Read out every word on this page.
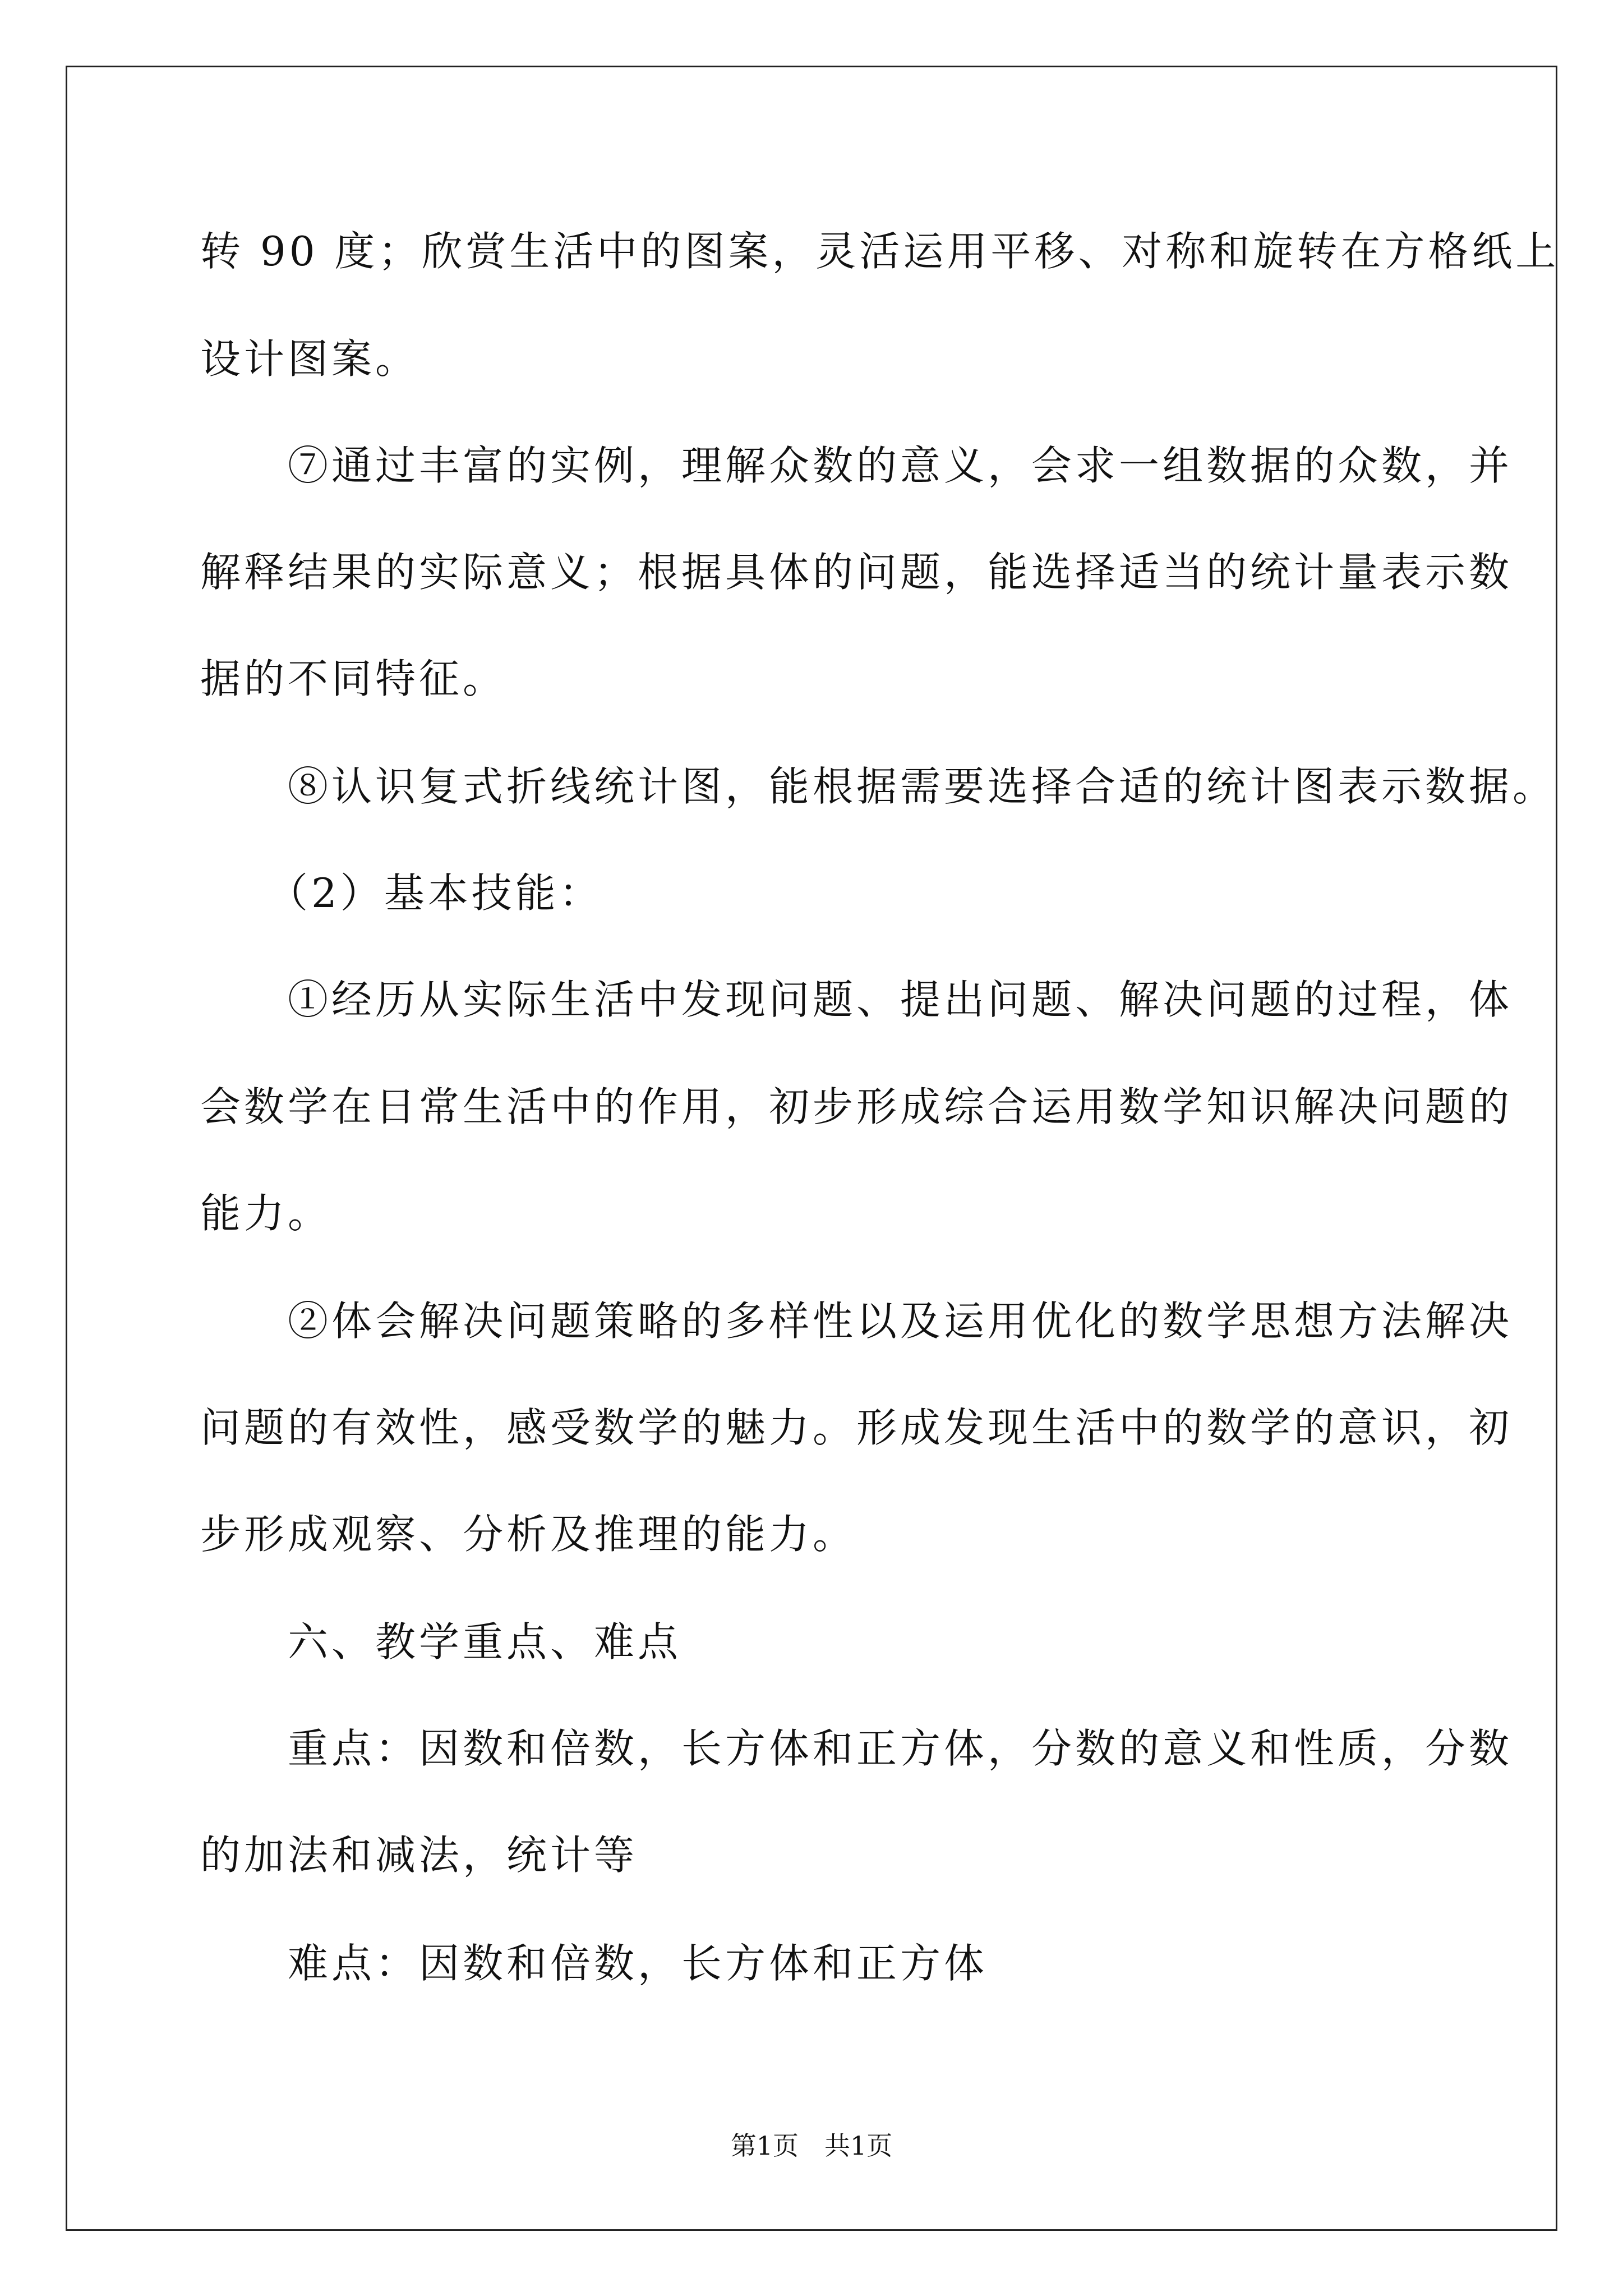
转 90 度；欣赏生活中的图案，灵活运用平移、对称和旋转在方格纸上
设计图案。
　　⑦通过丰富的实例，理解众数的意义，会求一组数据的众数，并
解释结果的实际意义；根据具体的问题，能选择适当的统计量表示数
据的不同特征。
　　⑧认识复式折线统计图，能根据需要选择合适的统计图表示数据。
　　（2）基本技能：
　　①经历从实际生活中发现问题、提出问题、解决问题的过程，体
会数学在日常生活中的作用，初步形成综合运用数学知识解决问题的
能力。
　　②体会解决问题策略的多样性以及运用优化的数学思想方法解决
问题的有效性，感受数学的魅力。形成发现生活中的数学的意识，初
步形成观察、分析及推理的能力。
　　六、教学重点、难点
　　重点：因数和倍数，长方体和正方体，分数的意义和性质，分数
的加法和减法，统计等
　　难点：因数和倍数，长方体和正方体
第1页　共1页
